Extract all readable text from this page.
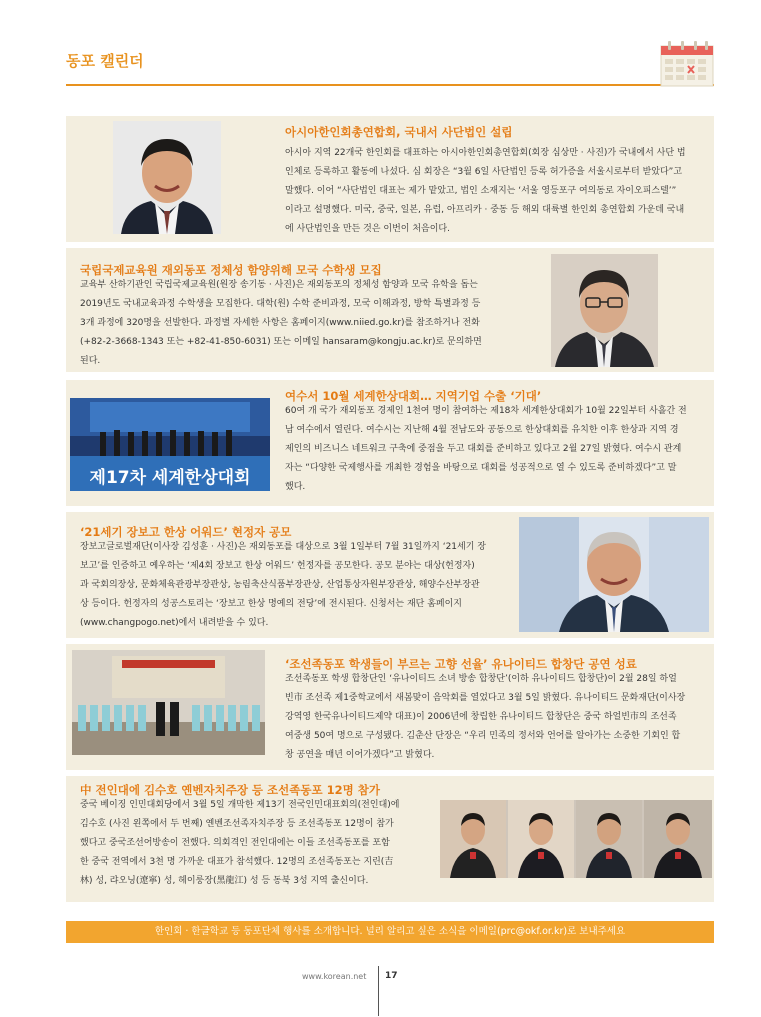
동포 캘린더
아시아한인회총연합회, 국내서 사단법인 설립
아시아 지역 22개국 한인회를 대표하는 아시아한인회총연합회(회장 심상만 · 사진)가 국내에서 사단 법
인체로 등록하고 활동에 나섰다. 심 회장은 “3월 6일 사단법인 등록 허가증을 서울시로부터 받았다”고
말했다. 이어 “사단법인 대표는 제가 맡았고, 법인 소재지는 ‘서울 영등포구 여의동로 자이오피스텔’”
이라고 설명했다. 미국, 중국, 일본, 유럽, 아프리카 · 중동 등 해외 대륙별 한인회 총연합회 가운데 국내
에 사단법인을 만든 것은 이번이 처음이다.
국립국제교육원 재외동포 정체성 함양위해 모국 수학생 모집
교육부 산하기관인 국립국제교육원(원장 송기동 · 사진)은 재외동포의 정체성 함양과 모국 유학을 돕는
2019년도 국내교육과정 수학생을 모집한다. 대학(원) 수학 준비과정, 모국 이해과정, 방학 특별과정 등
3개 과정에 320명을 선발한다. 과정별 자세한 사항은 홈페이지(www.niied.go.kr)를 참조하거나 전화
(+82-2-3668-1343 또는 +82-41-850-6031) 또는 이메일 hansaram@kongju.ac.kr)로 문의하면
된다.
제17차 세계한상대회
여수서 10월 세계한상대회… 지역기업 수출 ‘기대’
60여 개 국가 재외동포 경제인 1천여 명이 참여하는 제18차 세계한상대회가 10월 22일부터 사흘간 전
남 여수에서 열린다. 여수시는 지난해 4월 전남도와 공동으로 한상대회를 유치한 이후 한상과 지역 경
제인의 비즈니스 네트워크 구축에 중점을 두고 대회를 준비하고 있다고 2월 27일 밝혔다. 여수시 관계
자는 “다양한 국제행사를 개최한 경험을 바탕으로 대회를 성공적으로 열 수 있도록 준비하겠다”고 말
했다.
‘21세기 장보고 한상 어워드’ 현정자 공모
장보고글로벌재단(이사장 김성훈 · 사진)은 재외동포를 대상으로 3월 1일부터 7월 31일까지 ‘21세기 장
보고’를 인증하고 예우하는 ‘제4회 장보고 한상 어워드’ 헌정자를 공모한다. 공모 분야는 대상(헌정자)
과 국회의장상, 문화체육관광부장관상, 농림축산식품부장관상, 산업통상자원부장관상, 해양수산부장관
상 등이다. 헌정자의 성공스토리는 ‘장보고 한상 명예의 전당’에 전시된다. 신청서는 재단 홈페이지
(www.changpogo.net)에서 내려받을 수 있다.
‘조선족동포 학생들이 부르는 고향 선율’ 유나이티드 합창단 공연 성료
조선족동포 학생 합창단인 ‘유나이티드 소녀 방송 합창단’(이하 유나이티드 합창단)이 2월 28일 하얼
빈市 조선족 제1중학교에서 새봄맞이 음악회를 열었다고 3월 5일 밝혔다. 유나이티드 문화재단(이사장
강역영 한국유나이티드제약 대표)이 2006년에 창립한 유나이티드 합창단은 중국 하얼빈市의 조선족
여중생 50여 명으로 구성됐다. 김춘산 단장은 “우리 민족의 정서와 언어를 알아가는 소중한 기회인 합
창 공연을 매년 이어가겠다”고 밝혔다.
中 전인대에 김수호 옌벤자치주장 등 조선족동포 12명 참가
중국 베이징 인민대회당에서 3월 5일 개막한 제13기 전국인민대표회의(전인대)에
김수호 (사진 왼쪽에서 두 번째) 옌벤조선족자치주장 등 조선족동포 12명이 참가
했다고 중국조선어방송이 전했다. 의회격인 전인대에는 이들 조선족동포를 포함
한 중국 전역에서 3천 명 가까운 대표가 참석했다. 12명의 조선족동포는 지린(吉
林) 성, 랴오닝(遼寧) 성, 헤이룽장(黑龍江) 성 등 동북 3성 지역 출신이다.
한인회 · 한글학교 등 동포단체 행사를 소개합니다. 널리 알리고 싶은 소식을 이메일(prc@okf.or.kr)로 보내주세요
www.korean.net 17
